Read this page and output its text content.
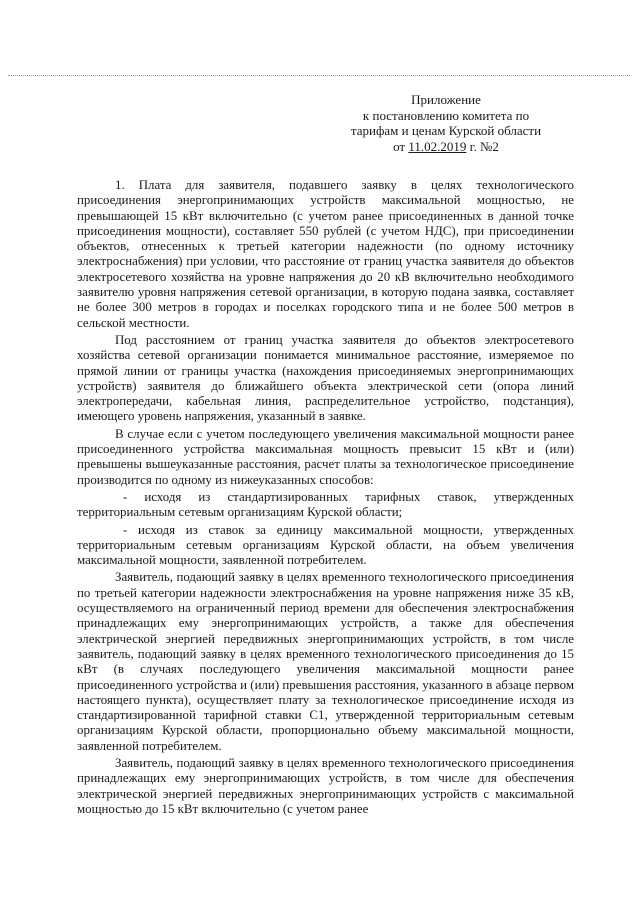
Приложение
к постановлению комитета по
тарифам и ценам Курской области
от 11.02.2019 г. №2

1. Плата для заявителя, подавшего заявку в целях технологического присоединения энергопринимающих устройств максимальной мощностью, не превышающей 15 кВт включительно (с учетом ранее присоединенных в данной точке присоединения мощности), составляет 550 рублей (с учетом НДС), при присоединении объектов, отнесенных к третьей категории надежности (по одному источнику электроснабжения) при условии, что расстояние от границ участка заявителя до объектов электросетевого хозяйства на уровне напряжения до 20 кВ включительно необходимого заявителю уровня напряжения сетевой организации, в которую подана заявка, составляет не более 300 метров в городах и поселках городского типа и не более 500 метров в сельской местности.

Под расстоянием от границ участка заявителя до объектов электросетевого хозяйства сетевой организации понимается минимальное расстояние, измеряемое по прямой линии от границы участка (нахождения присоединяемых энергопринимающих устройств) заявителя до ближайшего объекта электрической сети (опора линий электропередачи, кабельная линия, распределительное устройство, подстанция), имеющего уровень напряжения, указанный в заявке.

В случае если с учетом последующего увеличения максимальной мощности ранее присоединенного устройства максимальная мощность превысит 15 кВт и (или) превышены вышеуказанные расстояния, расчет платы за технологическое присоединение производится по одному из нижеуказанных способов:

- исходя из стандартизированных тарифных ставок, утвержденных территориальным сетевым организациям Курской области;

- исходя из ставок за единицу максимальной мощности, утвержденных территориальным сетевым организациям Курской области, на объем увеличения максимальной мощности, заявленной потребителем.

Заявитель, подающий заявку в целях временного технологического присоединения по третьей категории надежности электроснабжения на уровне напряжения ниже 35 кВ, осуществляемого на ограниченный период времени для обеспечения электроснабжения принадлежащих ему энергопринимающих устройств, а также для обеспечения электрической энергией передвижных энергопринимающих устройств, в том числе заявитель, подающий заявку в целях временного технологического присоединения до 15 кВт (в случаях последующего увеличения максимальной мощности ранее присоединенного устройства и (или) превышения расстояния, указанного в абзаце первом настоящего пункта), осуществляет плату за технологическое присоединение исходя из стандартизированной тарифной ставки С1, утвержденной территориальным сетевым организациям Курской области, пропорционально объему максимальной мощности, заявленной потребителем.

Заявитель, подающий заявку в целях временного технологического присоединения принадлежащих ему энергопринимающих устройств, в том числе для обеспечения электрической энергией передвижных энергопринимающих устройств с максимальной мощностью до 15 кВт включительно (с учетом ранее
